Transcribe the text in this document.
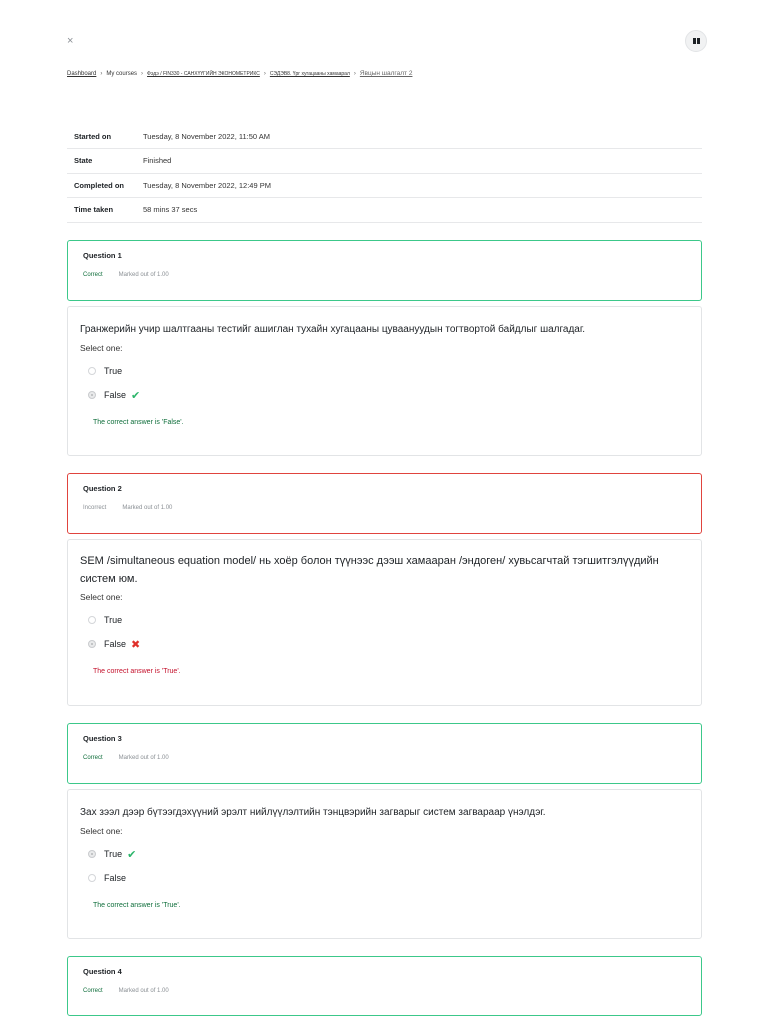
×
Dashboard › My courses › Фэдэ / FIN330 - САНХҮҮГИЙН ЭКОНОМЕТРИКС › СЭДЭВ8. Үрг хугацааны хамаарал › Явцын шалгалт 2
Started on	Tuesday, 8 November 2022, 11:50 AM
State	Finished
Completed on	Tuesday, 8 November 2022, 12:49 PM
Time taken	58 mins 37 secs
Question 1
Correct	Marked out of 1.00
Гранжерийн учир шалтгааны тестийг ашиглан тухайн хугацааны цуваануудын тогтвортой байдлыг шалгадаг.
Select one:
True
False ✔
The correct answer is 'False'.
Question 2
Incorrect	Marked out of 1.00
SEM /simultaneous equation model/ нь хоёр болон түүнээс дээш хамааран /эндоген/ хувьсагчтай тэгшитгэлүүдийн систем юм.
Select one:
True
False ✖
The correct answer is 'True'.
Question 3
Correct	Marked out of 1.00
Зах зээл дээр бүтээгдэхүүний эрэлт нийлүүлэлтийн тэнцвэрийн загварыг систем загвараар үнэлдэг.
Select one:
True ✔
False
The correct answer is 'True'.
Question 4
Correct	Marked out of 1.00
